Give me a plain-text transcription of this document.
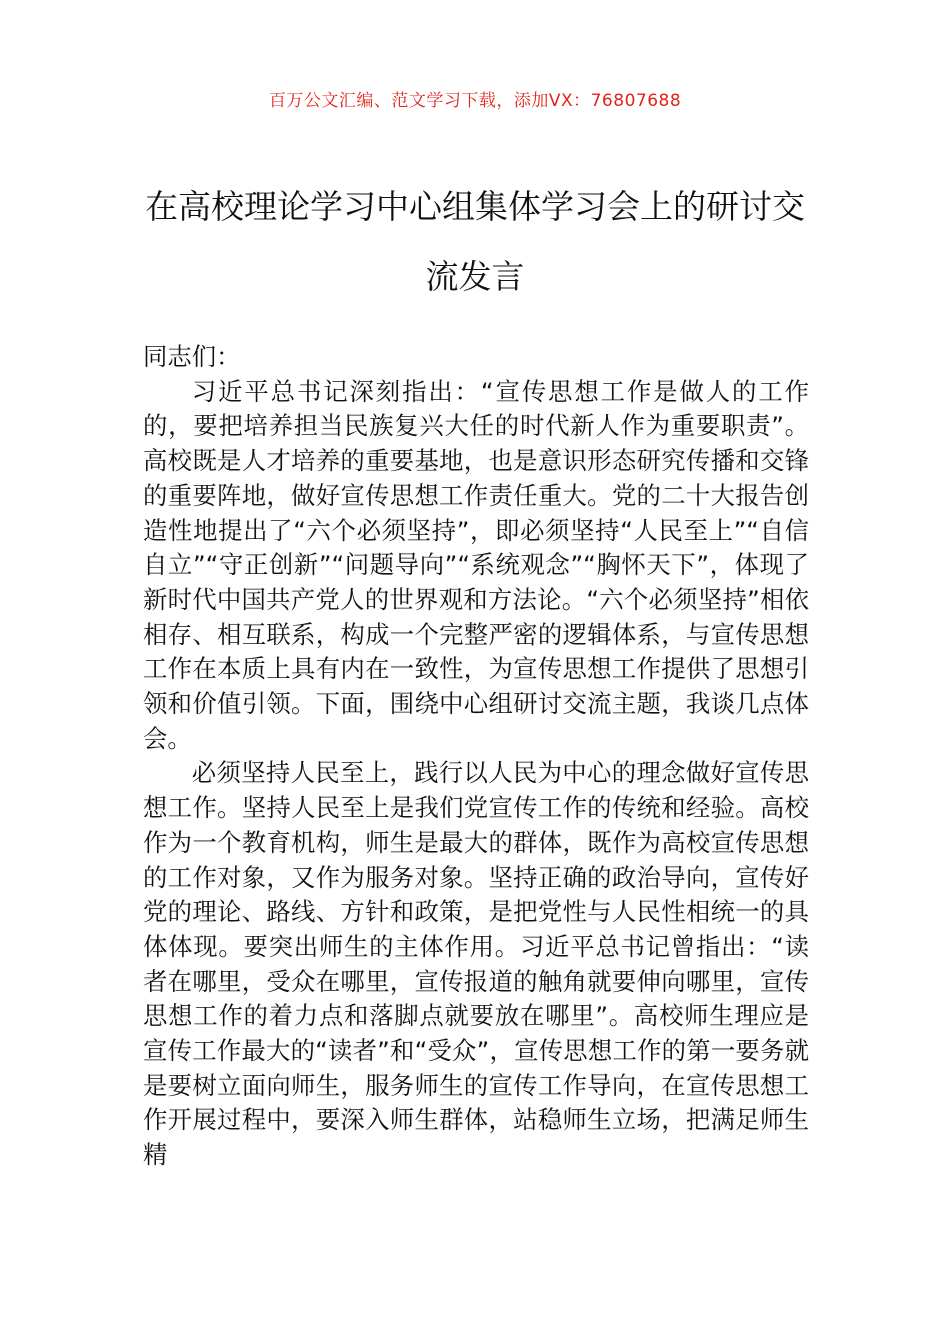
百万公文汇编、范文学习下载，添加VX：76807688
在高校理论学习中心组集体学习会上的研讨交流发言

同志们：

习近平总书记深刻指出：“宣传思想工作是做人的工作的，要把培养担当民族复兴大任的时代新人作为重要职责”。高校既是人才培养的重要基地，也是意识形态研究传播和交锋的重要阵地，做好宣传思想工作责任重大。党的二十大报告创造性地提出了“六个必须坚持”，即必须坚持“人民至上”“自信自立”“守正创新”“问题导向”“系统观念”“胸怀天下”，体现了新时代中国共产党人的世界观和方法论。“六个必须坚持”相依相存、相互联系，构成一个完整严密的逻辑体系，与宣传思想工作在本质上具有内在一致性，为宣传思想工作提供了思想引领和价值引领。下面，围绕中心组研讨交流主题，我谈几点体会。

必须坚持人民至上，践行以人民为中心的理念做好宣传思想工作。坚持人民至上是我们党宣传工作的传统和经验。高校作为一个教育机构，师生是最大的群体，既作为高校宣传思想的工作对象，又作为服务对象。坚持正确的政治导向，宣传好党的理论、路线、方针和政策，是把党性与人民性相统一的具体体现。要突出师生的主体作用。习近平总书记曾指出：“读者在哪里，受众在哪里，宣传报道的触角就要伸向哪里，宣传思想工作的着力点和落脚点就要放在哪里”。高校师生理应是宣传工作最大的“读者”和“受众”，宣传思想工作的第一要务就是要树立面向师生，服务师生的宣传工作导向，在宣传思想工作开展过程中，要深入师生群体，站稳师生立场，把满足师生精
